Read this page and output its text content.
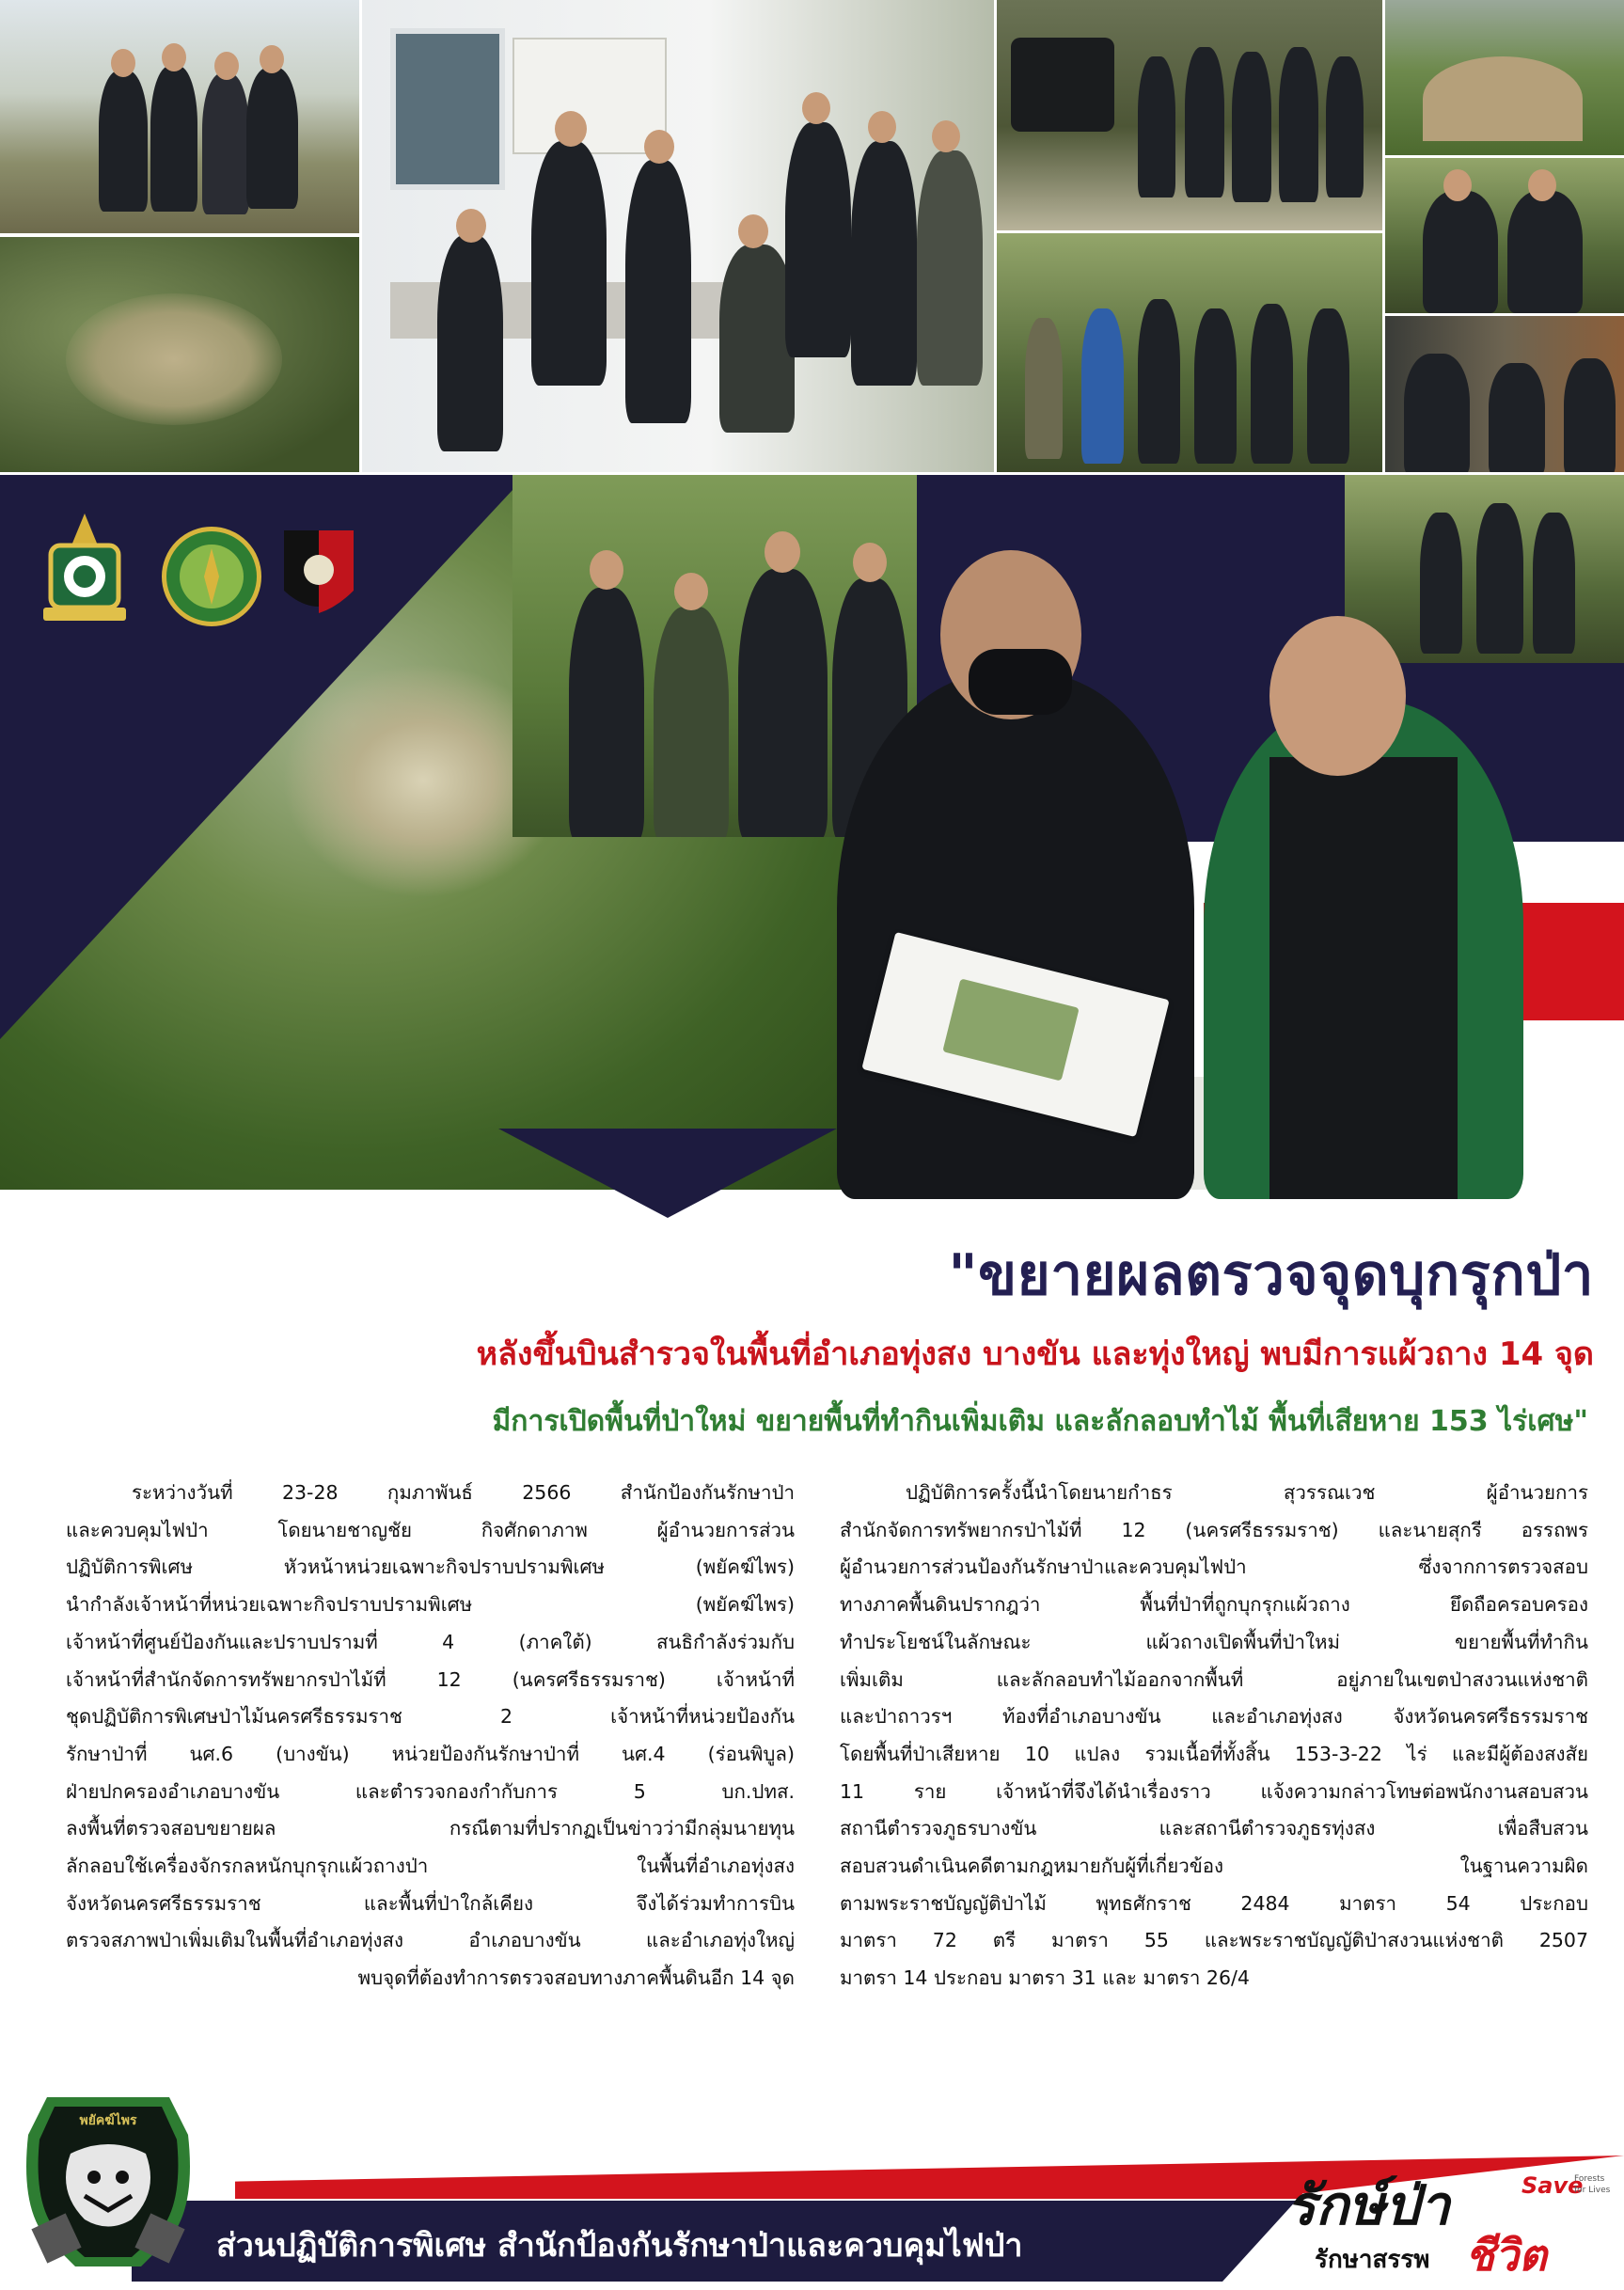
"ขยายผลตรวจจุดบุกรุกป่า
หลังขึ้นบินสำรวจในพื้นที่อำเภอทุ่งสง บางขัน และทุ่งใหญ่ พบมีการแผ้วถาง 14 จุด
มีการเปิดพื้นที่ป่าใหม่ ขยายพื้นที่ทำกินเพิ่มเติม และลักลอบทำไม้ พื้นที่เสียหาย 153 ไร่เศษ"
ระหว่างวันที่ 23-28 กุมภาพันธ์ 2566 สำนักป้องกันรักษาป่า
และควบคุมไฟป่า โดยนายชาญชัย กิจศักดาภาพ ผู้อำนวยการส่วน
ปฏิบัติการพิเศษ หัวหน้าหน่วยเฉพาะกิจปราบปรามพิเศษ (พยัคฆ์ไพร)
นำกำลังเจ้าหน้าที่หน่วยเฉพาะกิจปราบปรามพิเศษ (พยัคฆ์ไพร)
เจ้าหน้าที่ศูนย์ป้องกันและปราบปรามที่ 4 (ภาคใต้) สนธิกำลังร่วมกับ
เจ้าหน้าที่สำนักจัดการทรัพยากรป่าไม้ที่ 12 (นครศรีธรรมราช) เจ้าหน้าที่
ชุดปฏิบัติการพิเศษป่าไม้นครศรีธรรมราช 2 เจ้าหน้าที่หน่วยป้องกัน
รักษาป่าที่ นศ.6 (บางขัน) หน่วยป้องกันรักษาป่าที่ นศ.4 (ร่อนพิบูล)
ฝ่ายปกครองอำเภอบางขัน และตำรวจกองกำกับการ 5 บก.ปทส.
ลงพื้นที่ตรวจสอบขยายผล กรณีตามที่ปรากฏเป็นข่าวว่ามีกลุ่มนายทุน
ลักลอบใช้เครื่องจักรกลหนักบุกรุกแผ้วถางป่า ในพื้นที่อำเภอทุ่งสง
จังหวัดนครศรีธรรมราช และพื้นที่ป่าใกล้เคียง จึงได้ร่วมทำการบิน
ตรวจสภาพป่าเพิ่มเติมในพื้นที่อำเภอทุ่งสง อำเภอบางขัน และอำเภอทุ่งใหญ่
พบจุดที่ต้องทำการตรวจสอบทางภาคพื้นดินอีก 14 จุด
ปฏิบัติการครั้งนี้นำโดยนายกำธร สุวรรณเวช ผู้อำนวยการ
สำนักจัดการทรัพยากรป่าไม้ที่ 12 (นครศรีธรรมราช) และนายสุกรี อรรถพร
ผู้อำนวยการส่วนป้องกันรักษาป่าและควบคุมไฟป่า ซึ่งจากการตรวจสอบ
ทางภาคพื้นดินปรากฎว่า พื้นที่ป่าที่ถูกบุกรุกแผ้วถาง ยึดถือครอบครอง
ทำประโยชน์ในลักษณะ แผ้วถางเปิดพื้นที่ป่าใหม่ ขยายพื้นที่ทำกิน
เพิ่มเติม และลักลอบทำไม้ออกจากพื้นที่ อยู่ภายในเขตป่าสงวนแห่งชาติ
และป่าถาวรฯ ท้องที่อำเภอบางขัน และอำเภอทุ่งสง จังหวัดนครศรีธรรมราช
โดยพื้นที่ป่าเสียหาย 10 แปลง รวมเนื้อที่ทั้งสิ้น 153-3-22 ไร่ และมีผู้ต้องสงสัย
11 ราย เจ้าหน้าที่จึงได้นำเรื่องราว แจ้งความกล่าวโทษต่อพนักงานสอบสวน
สถานีตำรวจภูธรบางขัน และสถานีตำรวจภูธรทุ่งสง เพื่อสืบสวน
สอบสวนดำเนินคดีตามกฎหมายกับผู้ที่เกี่ยวข้อง ในฐานความผิด
ตามพระราชบัญญัติป่าไม้ พุทธศักราช 2484 มาตรา 54 ประกอบ
มาตรา 72 ตรี มาตรา 55 และพระราชบัญญัติป่าสงวนแห่งชาติ 2507
มาตรา 14 ประกอบ มาตรา 31 และ มาตรา 26/4
พยัคฆ์ไพร
ส่วนปฏิบัติการพิเศษ สำนักป้องกันรักษาป่าและควบคุมไฟป่า
รักษ์ป่า	Save
Forests
for Lives
รักษาสรรพ ชีวิต
